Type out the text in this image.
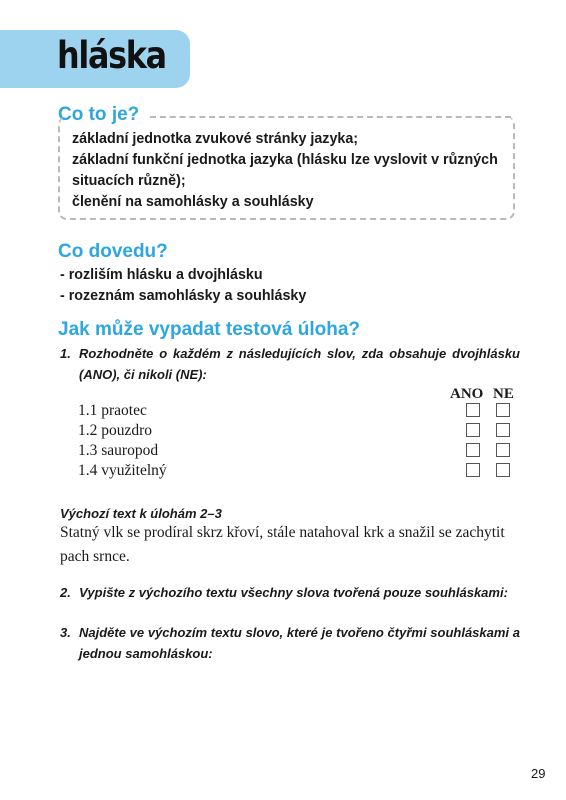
hláska
Co to je?
základní jednotka zvukové stránky jazyka;
základní funkční jednotka jazyka (hlásku lze vyslovit v různých
situacích různě);
členění na samohlásky a souhlásky
Co dovedu?
- rozliším hlásku a dvojhlásku
- rozeznám samohlásky a souhlásky
Jak může vypadat testová úloha?
1. Rozhodněte o každém z následujících slov, zda obsahuje dvojhlásku (ANO), či nikoli (NE):
ANO NE
1.1 praotec
1.2 pouzdro
1.3 sauropod
1.4 využitelný
Výchozí text k úlohám 2–3
Statný vlk se prodíral skrz křoví, stále natahoval krk a snažil se zachytit pach srnce.
2. Vypište z výchozího textu všechny slova tvořená pouze souhláskami:
3. Najděte ve výchozím textu slovo, které je tvořeno čtyřmi souhláskami a jednou samohláskou:
29
